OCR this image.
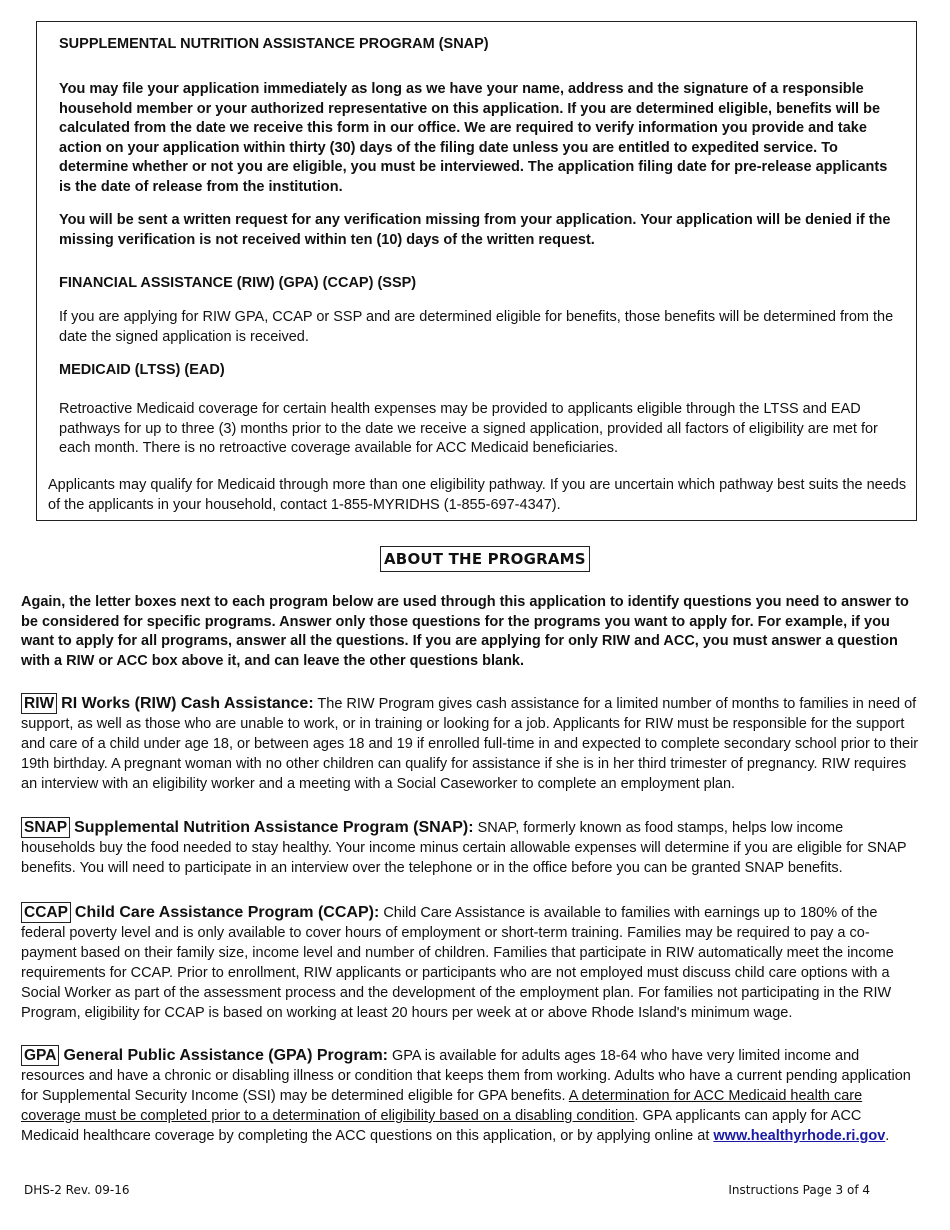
SUPPLEMENTAL NUTRITION ASSISTANCE PROGRAM (SNAP)

You may file your application immediately as long as we have your name, address and the signature of a responsible household member or your authorized representative on this application. If you are determined eligible, benefits will be calculated from the date we receive this form in our office. We are required to verify information you provide and take action on your application within thirty (30) days of the filing date unless you are entitled to expedited service. To determine whether or not you are eligible, you must be interviewed. The application filing date for pre-release applicants is the date of release from the institution.

You will be sent a written request for any verification missing from your application. Your application will be denied if the missing verification is not received within ten (10) days of the written request.

FINANCIAL ASSISTANCE (RIW) (GPA) (CCAP) (SSP)

If you are applying for RIW GPA, CCAP or SSP and are determined eligible for benefits, those benefits will be determined from the date the signed application is received.

MEDICAID (LTSS) (EAD)

Retroactive Medicaid coverage for certain health expenses may be provided to applicants eligible through the LTSS and EAD pathways for up to three (3) months prior to the date we receive a signed application, provided all factors of eligibility are met for each month. There is no retroactive coverage available for ACC Medicaid beneficiaries.

Applicants may qualify for Medicaid through more than one eligibility pathway. If you are uncertain which pathway best suits the needs of the applicants in your household, contact 1-855-MYRIDHS (1-855-697-4347).

ABOUT THE PROGRAMS

Again, the letter boxes next to each program below are used through this application to identify questions you need to answer to be considered for specific programs. Answer only those questions for the programs you want to apply for. For example, if you want to apply for all programs, answer all the questions. If you are applying for only RIW and ACC, you must answer a question with a RIW or ACC box above it, and can leave the other questions blank.

RIW RI Works (RIW) Cash Assistance: The RIW Program gives cash assistance for a limited number of months to families in need of support, as well as those who are unable to work, or in training or looking for a job. Applicants for RIW must be responsible for the support and care of a child under age 18, or between ages 18 and 19 if enrolled full-time in and expected to complete secondary school prior to their 19th birthday. A pregnant woman with no other children can qualify for assistance if she is in her third trimester of pregnancy. RIW requires an interview with an eligibility worker and a meeting with a Social Caseworker to complete an employment plan.

SNAP Supplemental Nutrition Assistance Program (SNAP): SNAP, formerly known as food stamps, helps low income households buy the food needed to stay healthy. Your income minus certain allowable expenses will determine if you are eligible for SNAP benefits. You will need to participate in an interview over the telephone or in the office before you can be granted SNAP benefits.

CCAP Child Care Assistance Program (CCAP): Child Care Assistance is available to families with earnings up to 180% of the federal poverty level and is only available to cover hours of employment or short-term training. Families may be required to pay a co-payment based on their family size, income level and number of children. Families that participate in RIW automatically meet the income requirements for CCAP. Prior to enrollment, RIW applicants or participants who are not employed must discuss child care options with a Social Worker as part of the assessment process and the development of the employment plan. For families not participating in the RIW Program, eligibility for CCAP is based on working at least 20 hours per week at or above Rhode Island's minimum wage.

GPA General Public Assistance (GPA) Program: GPA is available for adults ages 18-64 who have very limited income and resources and have a chronic or disabling illness or condition that keeps them from working. Adults who have a current pending application for Supplemental Security Income (SSI) may be determined eligible for GPA benefits. A determination for ACC Medicaid health care coverage must be completed prior to a determination of eligibility based on a disabling condition. GPA applicants can apply for ACC Medicaid healthcare coverage by completing the ACC questions on this application, or by applying online at www.healthyrhode.ri.gov.

DHS-2 Rev. 09-16	Instructions Page 3 of 4
